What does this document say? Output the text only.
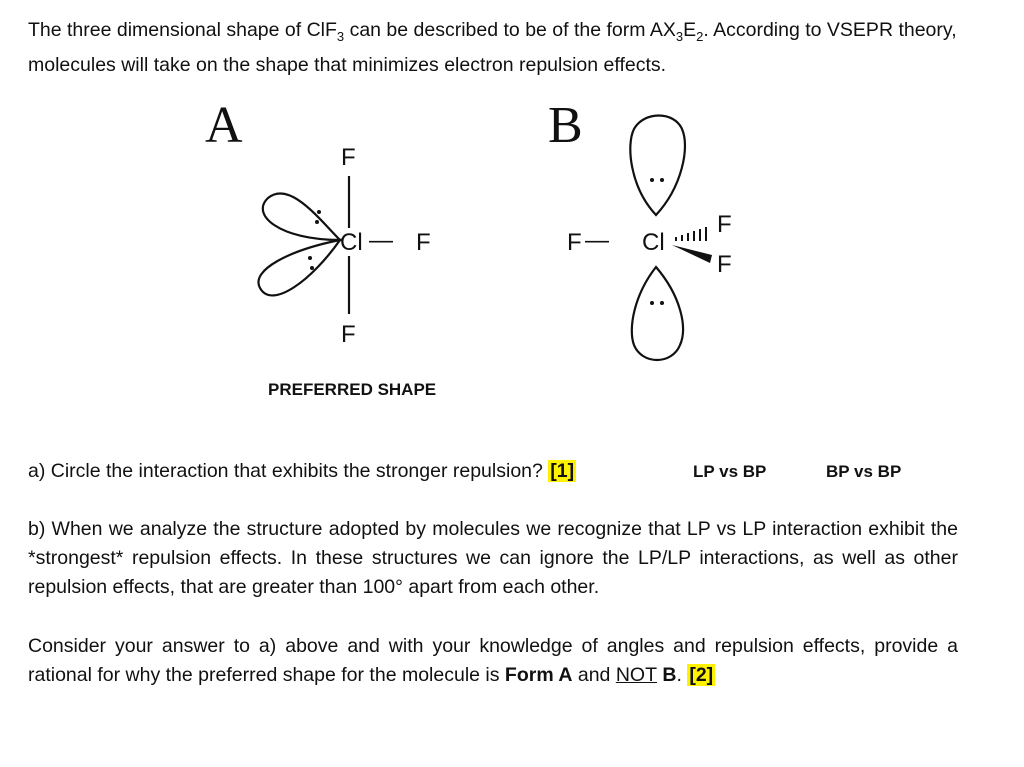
The three dimensional shape of ClF$_3$ can be described to be of the form $AX_3E_2$. According to VSEPR theory, molecules will take on the shape that minimizes electron repulsion effects.

A	B
F
Cl — F
F
F — Cl
F
F
PREFERRED SHAPE

a) Circle the interaction that exhibits the stronger repulsion? [1]	LP vs BP	BP vs BP

b) When we analyze the structure adopted by molecules we recognize that LP vs LP interaction exhibit the *strongest* repulsion effects. In these structures we can ignore the LP/LP interactions, as well as other repulsion effects, that are greater than 100° apart from each other.

Consider your answer to a) above and with your knowledge of angles and repulsion effects, provide a rational for why the preferred shape for the molecule is Form A and NOT B. [2]
